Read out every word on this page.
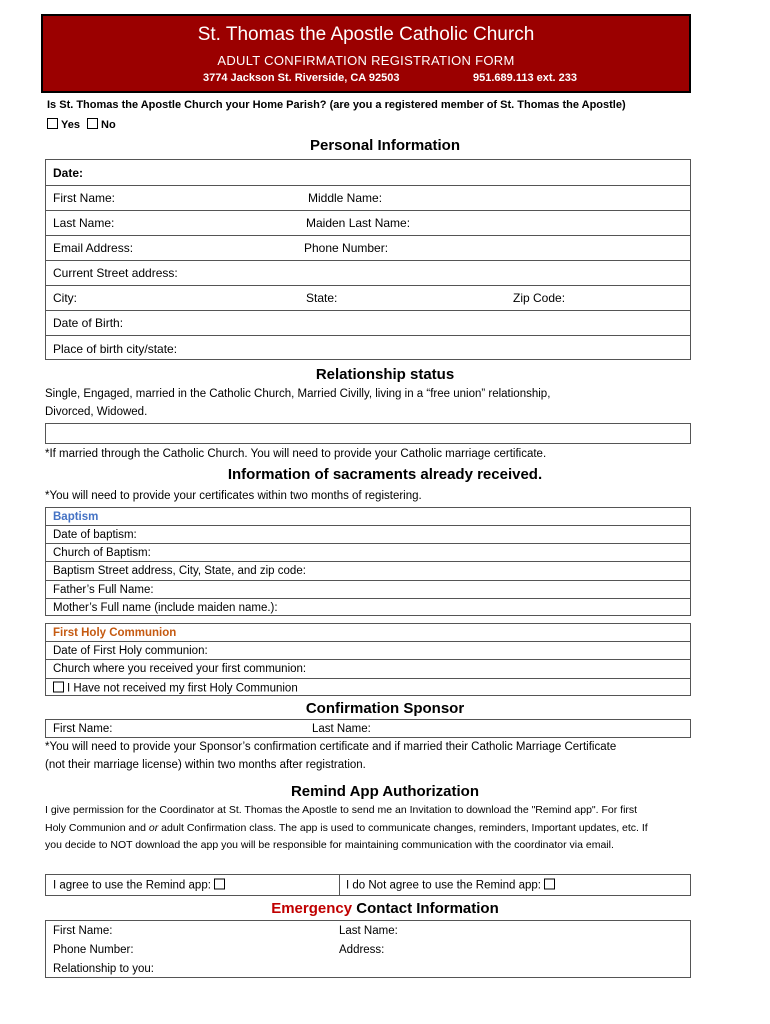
St. Thomas the Apostle Catholic Church
ADULT CONFIRMATION REGISTRATION FORM
3774 Jackson St. Riverside, CA 92503	951.689.113 ext. 233
Is St. Thomas the Apostle Church your Home Parish? (are you a registered member of St. Thomas the Apostle)
Yes No
Personal Information
Date:
First Name:	Middle Name:
Last Name:	Maiden Last Name:
Email Address:	Phone Number:
Current Street address:
City:	State:	Zip Code:
Date of Birth:
Place of birth city/state:
Relationship status
Single, Engaged, married in the Catholic Church, Married Civilly, living in a “free union” relationship,
Divorced, Widowed.
*If married through the Catholic Church. You will need to provide your Catholic marriage certificate.
Information of sacraments already received.
*You will need to provide your certificates within two months of registering.
Baptism
Date of baptism:
Church of Baptism:
Baptism Street address, City, State, and zip code:
Father’s Full Name:
Mother’s Full name (include maiden name.):
First Holy Communion
Date of First Holy communion:
Church where you received your first communion:
I Have not received my first Holy Communion
Confirmation Sponsor
First Name:	Last Name:
*You will need to provide your Sponsor’s confirmation certificate and if married their Catholic Marriage Certificate
(not their marriage license) within two months after registration.
Remind App Authorization
I give permission for the Coordinator at St. Thomas the Apostle to send me an Invitation to download the "Remind app". For first
Holy Communion and or adult Confirmation class. The app is used to communicate changes, reminders, Important updates, etc. If
you decide to NOT download the app you will be responsible for maintaining communication with the coordinator via email.
I agree to use the Remind app:	I do Not agree to use the Remind app:
Emergency Contact Information
First Name:	Last Name:
Phone Number:	Address:
Relationship to you:
